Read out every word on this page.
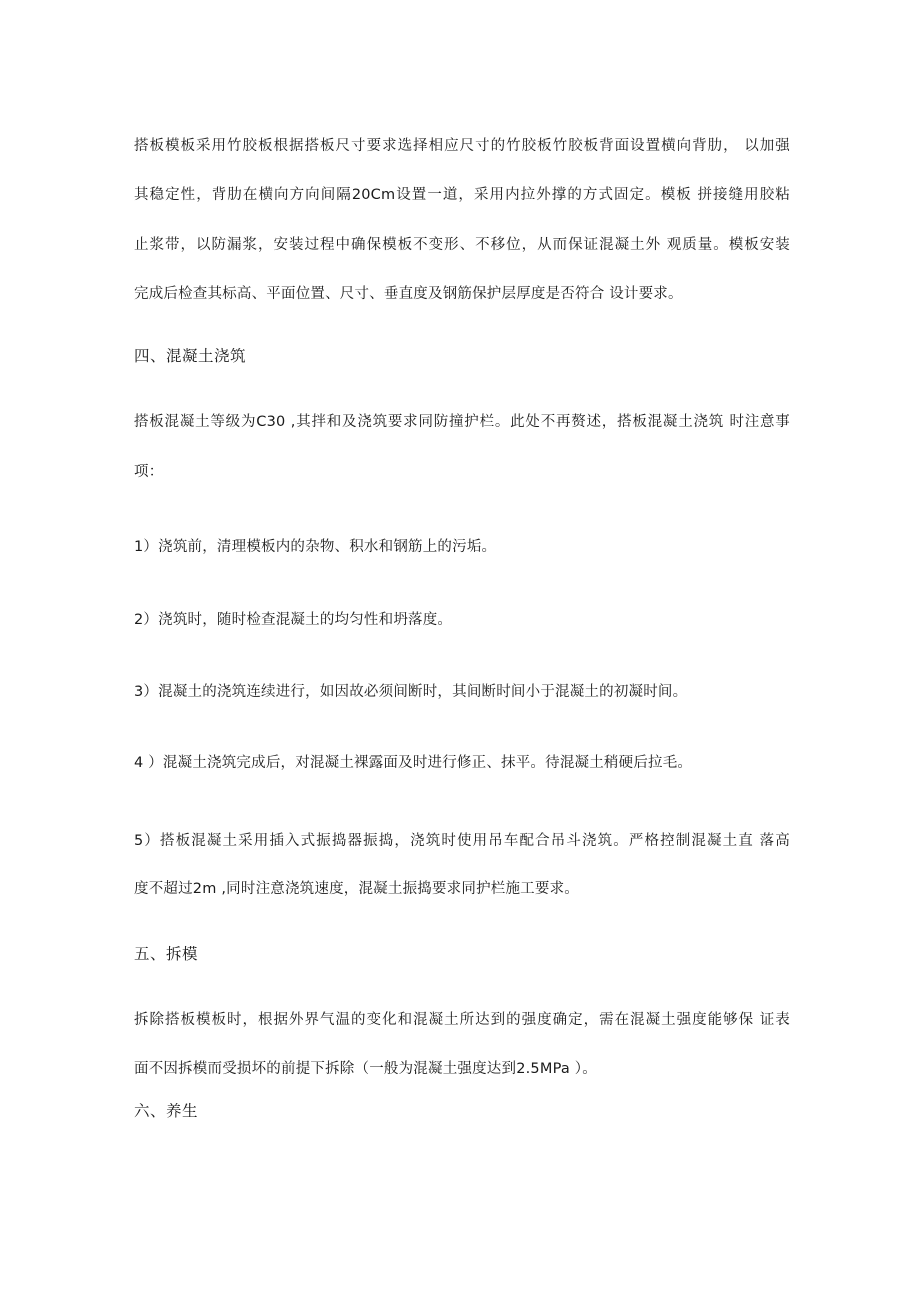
搭板模板采用竹胶板根据搭板尺寸要求选择相应尺寸的竹胶板竹胶板背面设置横向背肋， 以加强
其稳定性，背肋在横向方向间隔20Cm设置一道，采用内拉外撑的方式固定。模板 拼接缝用胶粘
止浆带，以防漏浆，安装过程中确保模板不变形、不移位，从而保证混凝土外 观质量。模板安装
完成后检查其标高、平面位置、尺寸、垂直度及钢筋保护层厚度是否符合 设计要求。
四、混凝土浇筑
搭板混凝土等级为C30 ,其拌和及浇筑要求同防撞护栏。此处不再赘述，搭板混凝土浇筑 时注意事
项：
1）浇筑前，清理模板内的杂物、积水和钢筋上的污垢。
2）浇筑时，随时检查混凝土的均匀性和坍落度。
3）混凝土的浇筑连续进行，如因故必须间断时，其间断时间小于混凝土的初凝时间。
4 ）混凝土浇筑完成后，对混凝土裸露面及时进行修正、抹平。待混凝土稍硬后拉毛。
5）搭板混凝土采用插入式振捣器振捣，浇筑时使用吊车配合吊斗浇筑。严格控制混凝土直 落高
度不超过2m ,同时注意浇筑速度，混凝土振捣要求同护栏施工要求。
五、拆模
拆除搭板模板时，根据外界气温的变化和混凝土所达到的强度确定，需在混凝土强度能够保 证表
面不因拆模而受损坏的前提下拆除（一般为混凝土强度达到2.5MPa ）。
六、养生
